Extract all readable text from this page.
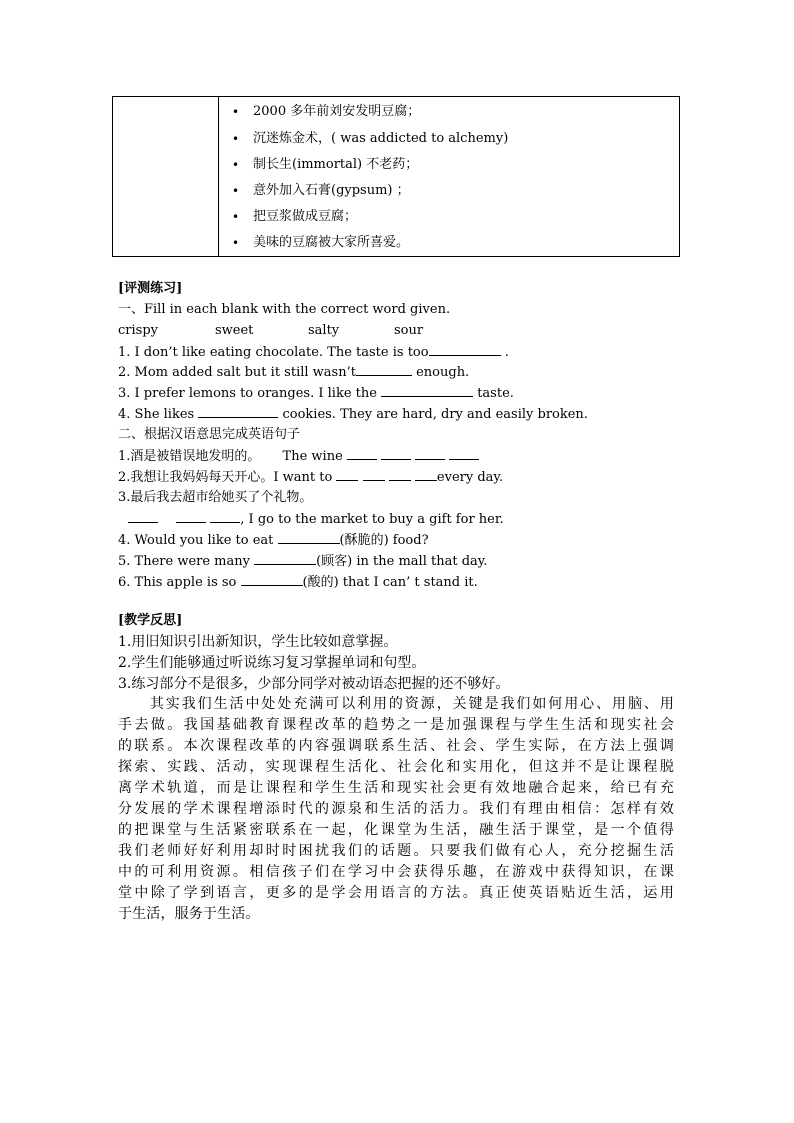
• 2000 多年前刘安发明豆腐；
• 沉迷炼金术，( was addicted to alchemy)
• 制长生(immortal) 不老药；
• 意外加入石膏(gypsum) ；
• 把豆浆做成豆腐；
• 美味的豆腐被大家所喜爱。
[评测练习]
一、Fill in each blank with the correct word given.
crispy	sweet	salty	sour
1. I don’t like eating chocolate. The taste is too	.
2. Mom added salt but it still wasn’t	enough.
3. I prefer lemons to oranges. I like the	taste.
4. She likes	cookies. They are hard, dry and easily broken.
二、根据汉语意思完成英语句子
1.酒是被错误地发明的。 The wine
2.我想让我妈妈每天开心。I want to	every day.
3.最后我去超市给她买了个礼物。
, I go to the market to buy a gift for her.
4. Would you like to eat	(酥脆的) food?
5. There were many	(顾客) in the mall that day.
6. This apple is so	(酸的) that I can’ t stand it.
[教学反思]
1.用旧知识引出新知识，学生比较如意掌握。
2.学生们能够通过听说练习复习掌握单词和句型。
3.练习部分不是很多，少部分同学对被动语态把握的还不够好。
　　其实我们生活中处处充满可以利用的资源，关键是我们如何用心、用脑、用
手去做。我国基础教育课程改革的趋势之一是加强课程与学生生活和现实社会
的联系。本次课程改革的内容强调联系生活、社会、学生实际，在方法上强调
探索、实践、活动，实现课程生活化、社会化和实用化，但这并不是让课程脱
离学术轨道，而是让课程和学生生活和现实社会更有效地融合起来，给已有充
分发展的学术课程增添时代的源泉和生活的活力。我们有理由相信：怎样有效
的把课堂与生活紧密联系在一起，化课堂为生活，融生活于课堂，是一个值得
我们老师好好利用却时时困扰我们的话题。只要我们做有心人，充分挖掘生活
中的可利用资源。相信孩子们在学习中会获得乐趣，在游戏中获得知识，在课
堂中除了学到语言，更多的是学会用语言的方法。真正使英语贴近生活，运用
于生活，服务于生活。
